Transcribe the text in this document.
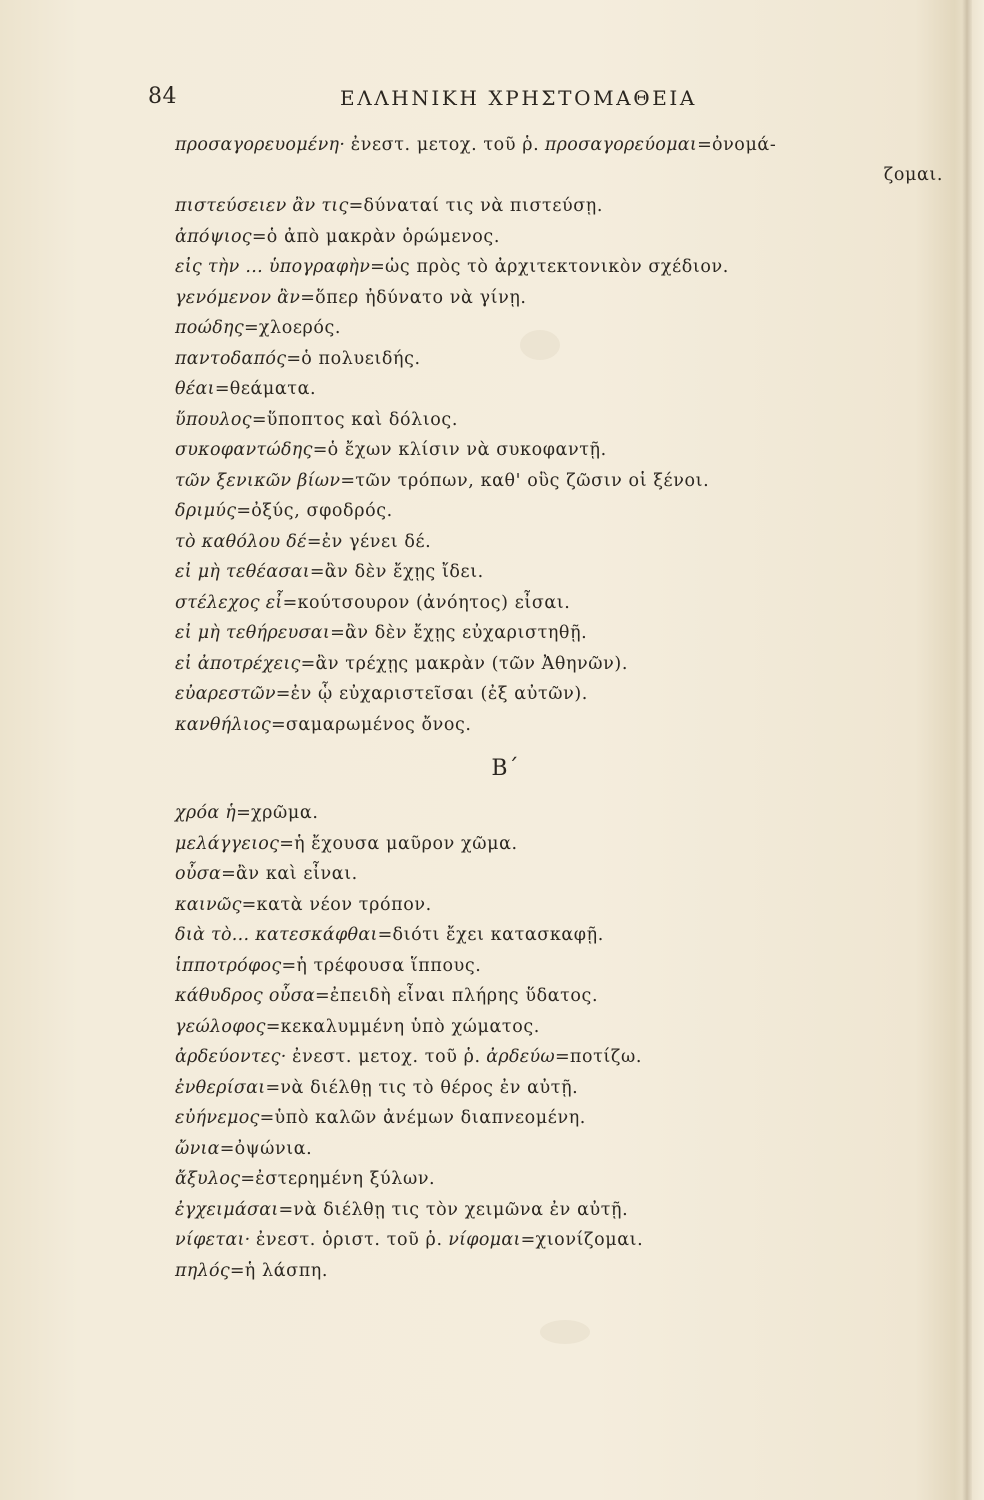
84	ΕΛΛΗΝΙΚΗ ΧΡΗΣΤΟΜΑΘΕΙΑ
προσαγορευομένη· ἐνεστ. μετοχ. τοῦ ῥ. προσαγορεύομαι=ὀνομά-
ζομαι.
πιστεύσειεν ἂν τις=δύναταί τις νὰ πιστεύσῃ.
ἀπόψιος=ὁ ἀπὸ μακρὰν ὁρώμενος.
εἰς τὴν ... ὑπογραφὴν=ὡς πρὸς τὸ ἀρχιτεκτονικὸν σχέδιον.
γενόμενον ἂν=ὅπερ ἠδύνατο νὰ γίνῃ.
ποώδης=χλοερός.
παντοδαπός=ὁ πολυειδής.
θέαι=θεάματα.
ὕπουλος=ὕποπτος καὶ δόλιος.
συκοφαντώδης=ὁ ἔχων κλίσιν νὰ συκοφαντῇ.
τῶν ξενικῶν βίων=τῶν τρόπων, καθ' οὓς ζῶσιν οἱ ξένοι.
δριμύς=ὀξύς, σφοδρός.
τὸ καθόλου δέ=ἐν γένει δέ.
εἰ μὴ τεθέασαι=ἂν δὲν ἔχῃς ἴδει.
στέλεχος εἶ=κούτσουρον (ἀνόητος) εἶσαι.
εἰ μὴ τεθήρευσαι=ἂν δὲν ἔχῃς εὐχαριστηθῇ.
εἰ ἀποτρέχεις=ἂν τρέχῃς μακρὰν (τῶν Ἀθηνῶν).
εὐαρεστῶν=ἐν ᾧ εὐχαριστεῖσαι (ἐξ αὐτῶν).
κανθήλιος=σαμαρωμένος ὄνος.
Β΄
χρόα ἡ=χρῶμα.
μελάγγειος=ἡ ἔχουσα μαῦρον χῶμα.
οὖσα=ἂν καὶ εἶναι.
καινῶς=κατὰ νέον τρόπον.
διὰ τὸ... κατεσκάφθαι=διότι ἔχει κατασκαφῇ.
ἱπποτρόφος=ἡ τρέφουσα ἵππους.
κάθυδρος οὖσα=ἐπειδὴ εἶναι πλήρης ὕδατος.
γεώλοφος=κεκαλυμμένη ὑπὸ χώματος.
ἀρδεύοντες· ἐνεστ. μετοχ. τοῦ ῥ. ἀρδεύω=ποτίζω.
ἐνθερίσαι=νὰ διέλθῃ τις τὸ θέρος ἐν αὐτῇ.
εὐήνεμος=ὑπὸ καλῶν ἀνέμων διαπνεομένη.
ὤνια=ὀψώνια.
ἄξυλος=ἐστερημένη ξύλων.
ἐγχειμάσαι=νὰ διέλθῃ τις τὸν χειμῶνα ἐν αὐτῇ.
νίφεται· ἐνεστ. ὁριστ. τοῦ ῥ. νίφομαι=χιονίζομαι.
πηλός=ἡ λάσπη.
